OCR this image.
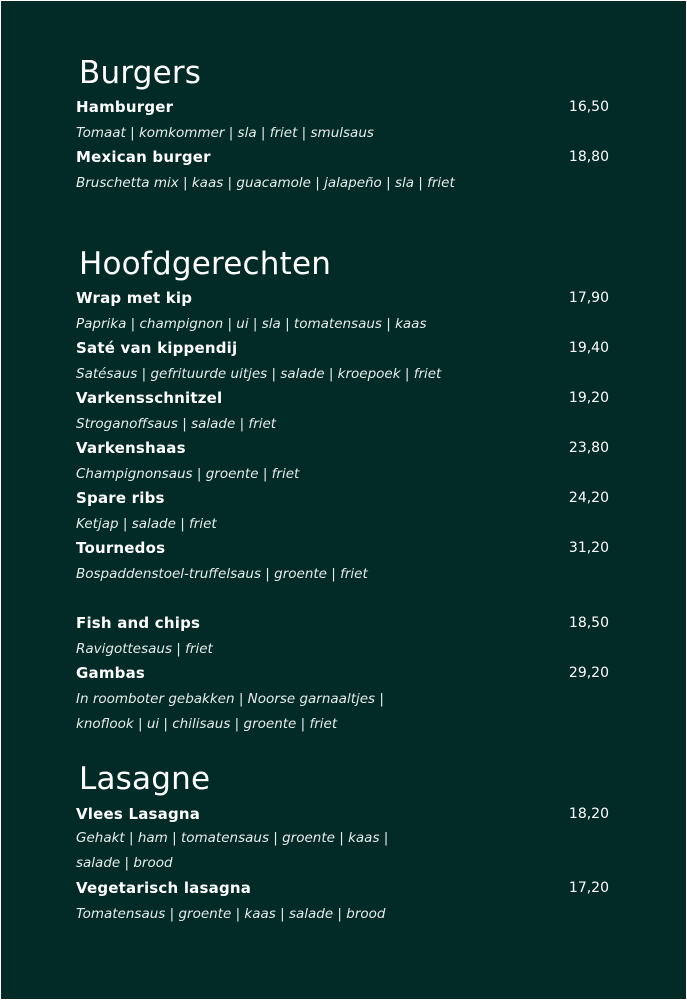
Burgers
Hamburger	16,50
Tomaat | komkommer | sla | friet | smulsaus
Mexican burger	18,80
Bruschetta mix | kaas | guacamole | jalapeño | sla | friet
Hoofdgerechten
Wrap met kip	17,90
Paprika | champignon | ui | sla | tomatensaus | kaas
Saté van kippendij	19,40
Satésaus | gefrituurde uitjes | salade | kroepoek | friet
Varkensschnitzel	19,20
Stroganoffsaus | salade | friet
Varkenshaas	23,80
Champignonsaus | groente | friet
Spare ribs	24,20
Ketjap | salade | friet
Tournedos	31,20
Bospaddenstoel-truffelsaus | groente | friet
Fish and chips	18,50
Ravigottesaus | friet
Gambas	29,20
In roomboter gebakken | Noorse garnaaltjes |
knoflook | ui | chilisaus | groente | friet
Lasagne
Vlees Lasagna	18,20
Gehakt | ham | tomatensaus | groente | kaas |
salade | brood
Vegetarisch lasagna	17,20
Tomatensaus | groente | kaas | salade | brood
